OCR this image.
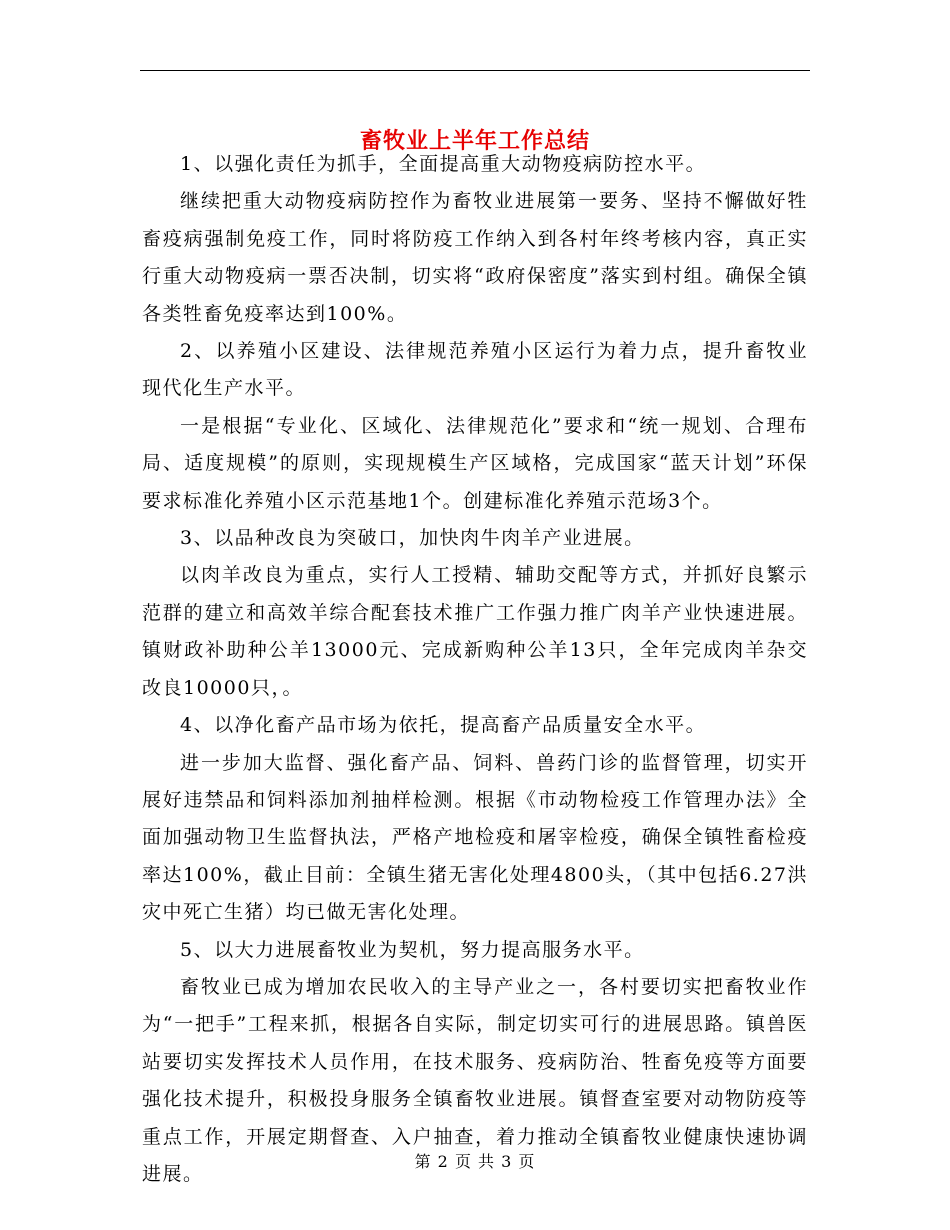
畜牧业上半年工作总结

1、以强化责任为抓手，全面提高重大动物疫病防控水平。

继续把重大动物疫病防控作为畜牧业进展第一要务、坚持不懈做好牲畜疫病强制免疫工作，同时将防疫工作纳入到各村年终考核内容，真正实行重大动物疫病一票否决制，切实将“政府保密度”落实到村组。确保全镇各类牲畜免疫率达到100%。

2、以养殖小区建设、法律规范养殖小区运行为着力点，提升畜牧业现代化生产水平。

一是根据“专业化、区域化、法律规范化”要求和“统一规划、合理布局、适度规模”的原则，实现规模生产区域格，完成国家“蓝天计划”环保要求标准化养殖小区示范基地1个。创建标准化养殖示范场3个。

3、以品种改良为突破口，加快肉牛肉羊产业进展。

以肉羊改良为重点，实行人工授精、辅助交配等方式，并抓好良繁示范群的建立和高效羊综合配套技术推广工作强力推广肉羊产业快速进展。镇财政补助种公羊13000元、完成新购种公羊13只，全年完成肉羊杂交改良10000只，。

4、以净化畜产品市场为依托，提高畜产品质量安全水平。

进一步加大监督、强化畜产品、饲料、兽药门诊的监督管理，切实开展好违禁品和饲料添加剂抽样检测。根据《市动物检疫工作管理办法》全面加强动物卫生监督执法，严格产地检疫和屠宰检疫，确保全镇牲畜检疫率达100%，截止目前：全镇生猪无害化处理4800头，（其中包括6.27洪灾中死亡生猪）均已做无害化处理。

5、以大力进展畜牧业为契机，努力提高服务水平。

畜牧业已成为增加农民收入的主导产业之一，各村要切实把畜牧业作为“一把手”工程来抓，根据各自实际，制定切实可行的进展思路。镇兽医站要切实发挥技术人员作用，在技术服务、疫病防治、牲畜免疫等方面要强化技术提升，积极投身服务全镇畜牧业进展。镇督查室要对动物防疫等重点工作，开展定期督查、入户抽查，着力推动全镇畜牧业健康快速协调进展。

第 2 页 共 3 页
